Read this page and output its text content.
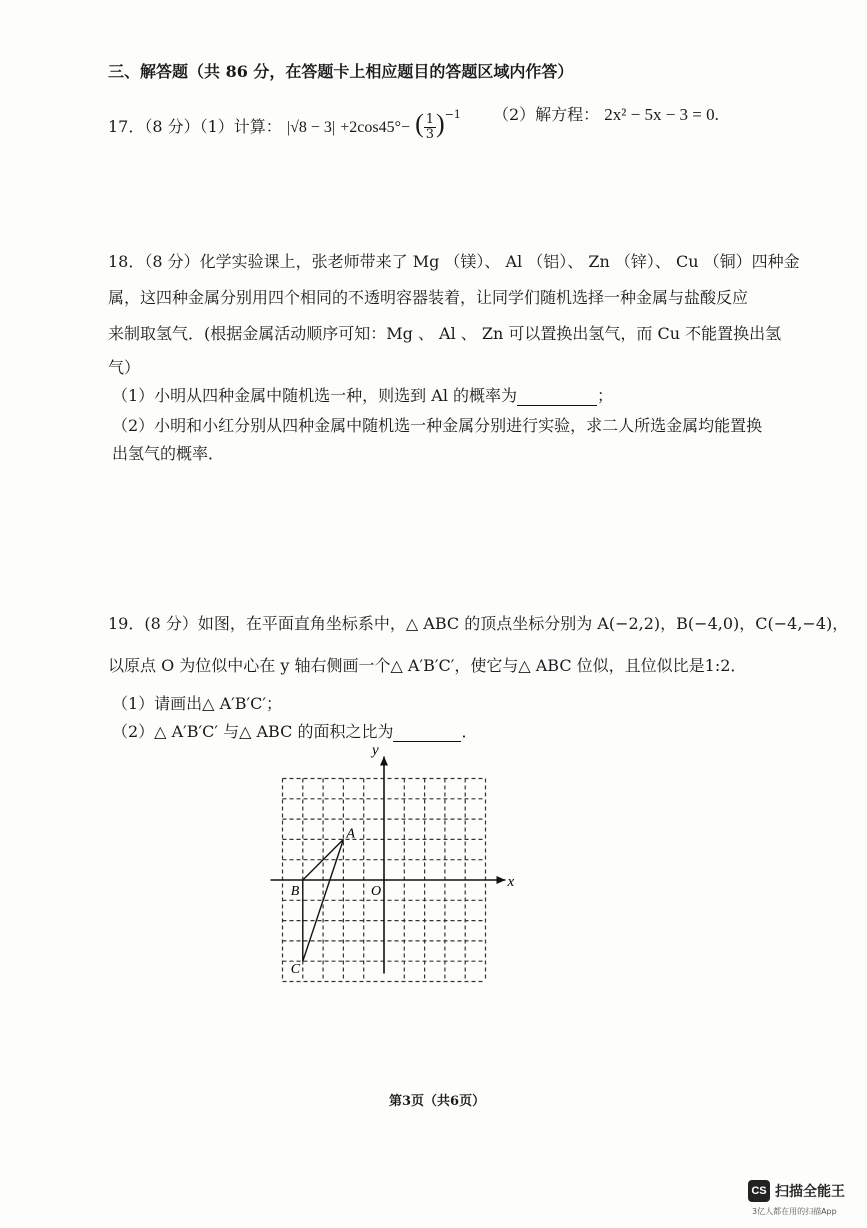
三、解答题（共 86 分，在答题卡上相应题目的答题区域内作答）
17．（8 分）（1）计算： |√8 − 3| +2cos45°− ( $\frac{1}{3} )^{-1}$ （2）解方程： 2x² − 5x − 3 = 0.
18．（8 分）化学实验课上，张老师带来了 Mg （镁）、 Al （铝）、 Zn （锌）、 Cu （铜）四种金
属，这四种金属分别用四个相同的不透明容器装着，让同学们随机选择一种金属与盐酸反应
来制取氢气．(根据金属活动顺序可知：Mg 、 Al 、 Zn 可以置换出氢气，而 Cu 不能置换出氢
气）
（1）小明从四种金属中随机选一种，则选到 Al 的概率为	；
（2）小明和小红分别从四种金属中随机选一种金属分别进行实验，求二人所选金属均能置换
出氢气的概率．
19．(8 分）如图，在平面直角坐标系中，△ ABC 的顶点坐标分别为 A(−2,2)，B(−4,0)，C(−4,−4)，
以原点 O 为位似中心在 y 轴右侧画一个△ A′B′C′，使它与△ ABC 位似，且位似比是1:2．
（1）请画出△ A′B′C′；
（2）△ A′B′C′ 与△ ABC 的面积之比为	．
x
y
O
A
B
C
第3页（共6页）
CS 扫描全能王
3亿人都在用的扫描App
